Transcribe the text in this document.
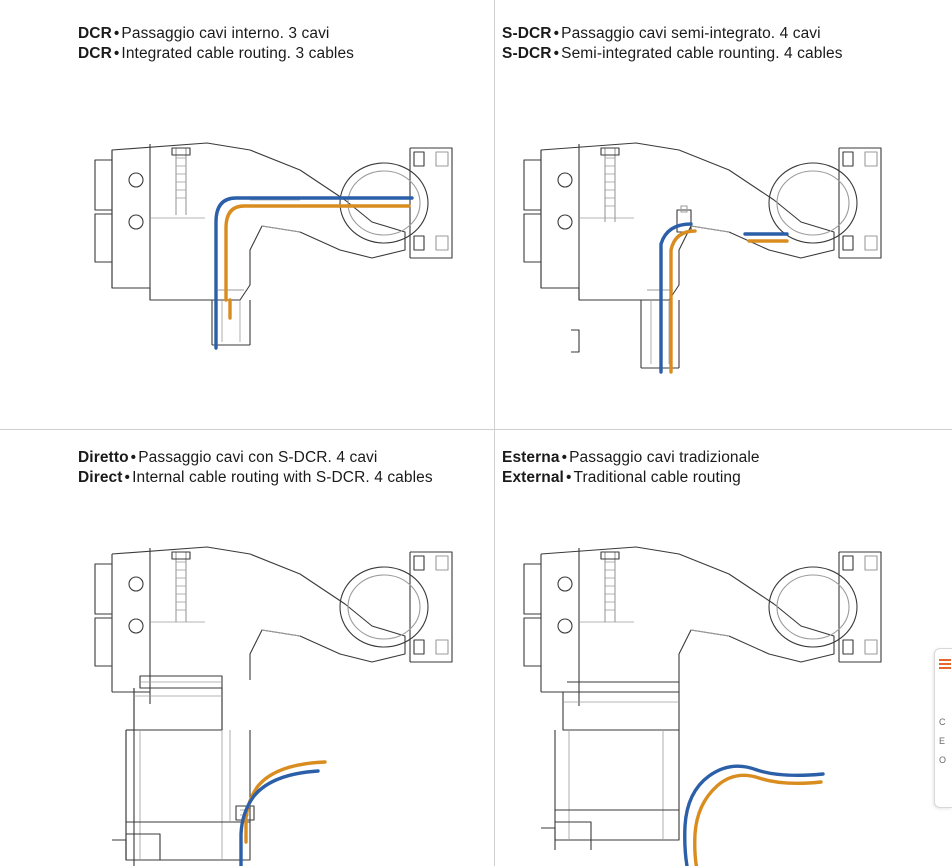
DCR • Passaggio cavi interno. 3 cavi
DCR • Integrated cable routing. 3 cables
S-DCR • Passaggio cavi semi-integrato. 4 cavi
S-DCR • Semi-integrated cable rounting. 4 cables
Diretto • Passaggio cavi con S-DCR. 4 cavi
Direct • Internal cable routing with S-DCR. 4 cables
Esterna • Passaggio cavi tradizionale
External • Traditional cable routing
C
E
O
